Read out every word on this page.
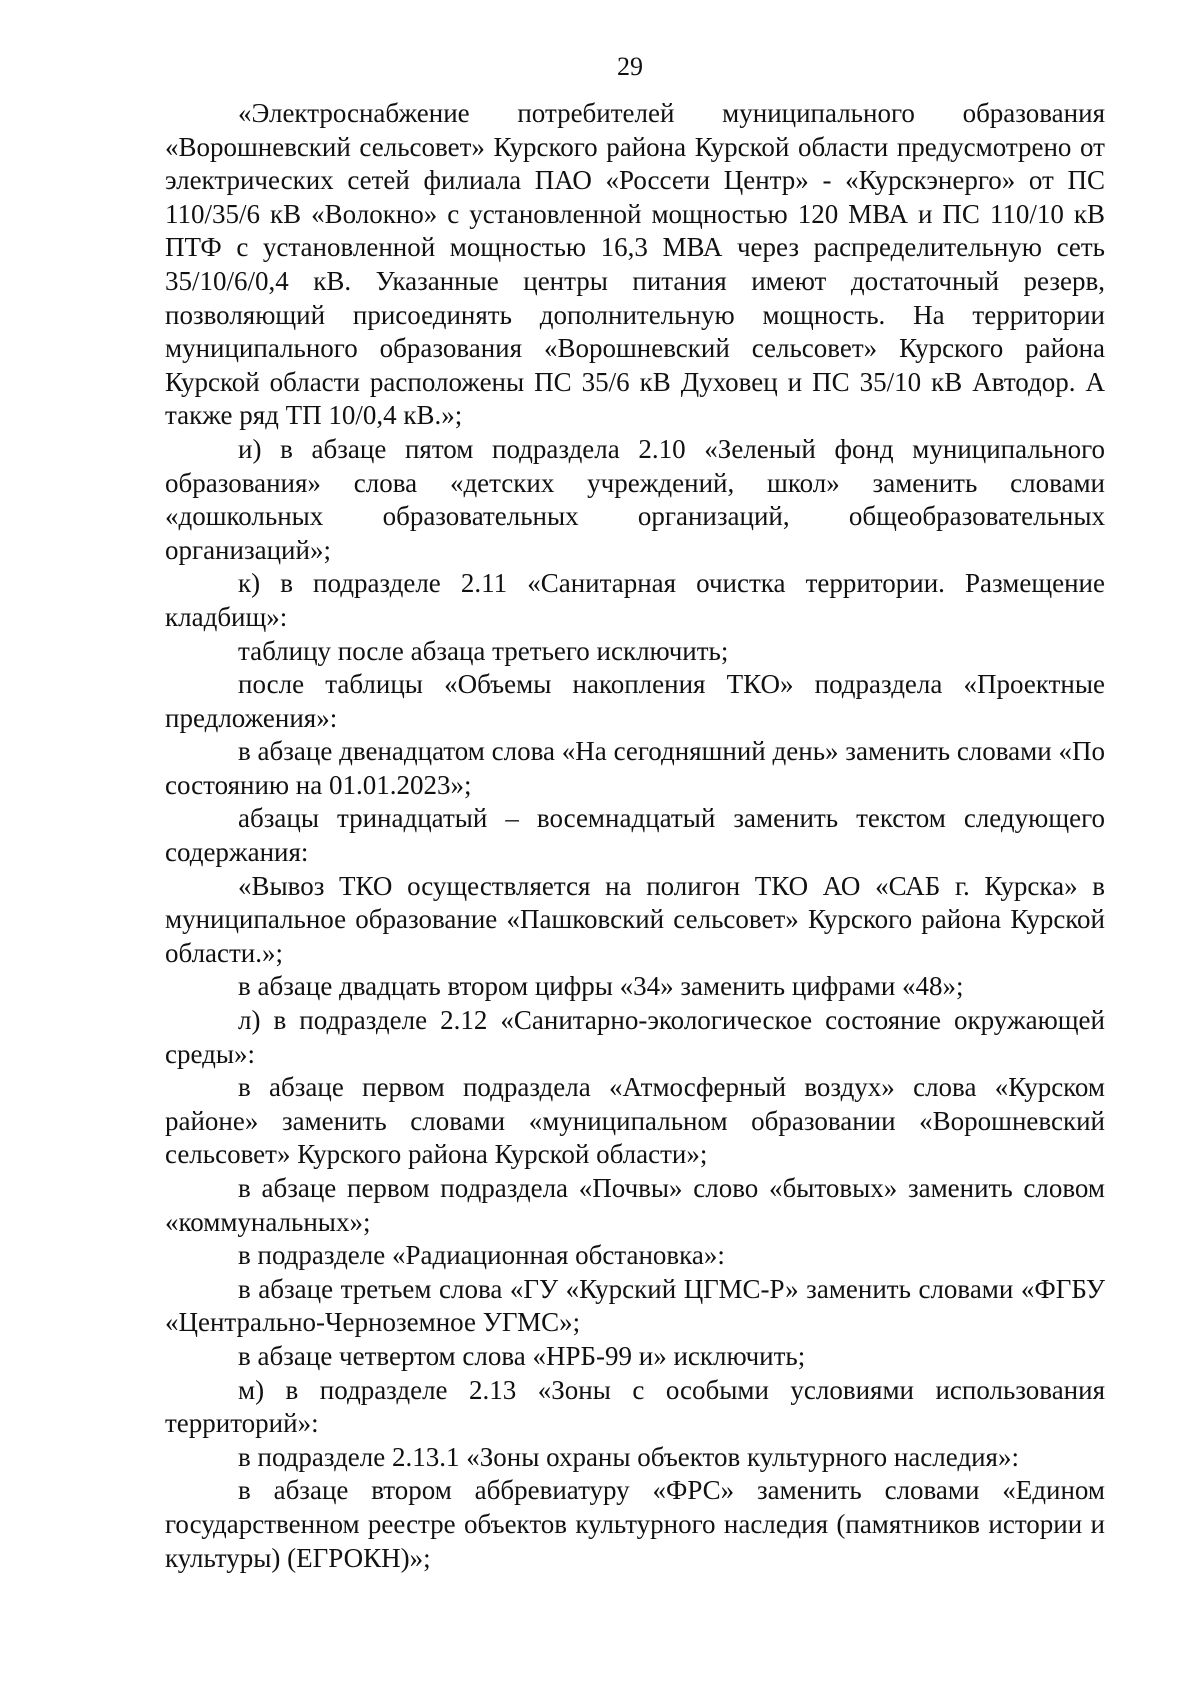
29

«Электроснабжение потребителей муниципального образования «Ворошневский сельсовет» Курского района Курской области предусмотрено от электрических сетей филиала ПАО «Россети Центр» - «Курскэнерго» от ПС 110/35/6 кВ «Волокно» с установленной мощностью 120 МВА и ПС 110/10 кВ ПТФ с установленной мощностью 16,3 МВА через распределительную сеть 35/10/6/0,4 кВ. Указанные центры питания имеют достаточный резерв, позволяющий присоединять дополнительную мощность. На территории муниципального образования «Ворошневский сельсовет» Курского района Курской области расположены ПС 35/6 кВ Духовец и ПС 35/10 кВ Автодор. А также ряд ТП 10/0,4 кВ.»;

и) в абзаце пятом подраздела 2.10 «Зеленый фонд муниципального образования» слова «детских учреждений, школ» заменить словами «дошкольных образовательных организаций, общеобразовательных организаций»;

к) в подразделе 2.11 «Санитарная очистка территории. Размещение кладбищ»:

таблицу после абзаца третьего исключить;

после таблицы «Объемы накопления ТКО» подраздела «Проектные предложения»:

в абзаце двенадцатом слова «На сегодняшний день» заменить словами «По состоянию на 01.01.2023»;

абзацы тринадцатый – восемнадцатый заменить текстом следующего содержания:

«Вывоз ТКО осуществляется на полигон ТКО АО «САБ г. Курска» в муниципальное образование «Пашковский сельсовет» Курского района Курской области.»;

в абзаце двадцать втором цифры «34» заменить цифрами «48»;

л) в подразделе 2.12 «Санитарно-экологическое состояние окружающей среды»:

в абзаце первом подраздела «Атмосферный воздух» слова «Курском районе» заменить словами «муниципальном образовании «Ворошневский сельсовет» Курского района Курской области»;

в абзаце первом подраздела «Почвы» слово «бытовых» заменить словом «коммунальных»;

в подразделе «Радиационная обстановка»:

в абзаце третьем слова «ГУ «Курский ЦГМС-Р» заменить словами «ФГБУ «Центрально-Черноземное УГМС»;

в абзаце четвертом слова «НРБ-99 и» исключить;

м) в подразделе 2.13 «Зоны с особыми условиями использования территорий»:

в подразделе 2.13.1 «Зоны охраны объектов культурного наследия»:

в абзаце втором аббревиатуру «ФРС» заменить словами «Едином государственном реестре объектов культурного наследия (памятников истории и культуры) (ЕГРОКН)»;
